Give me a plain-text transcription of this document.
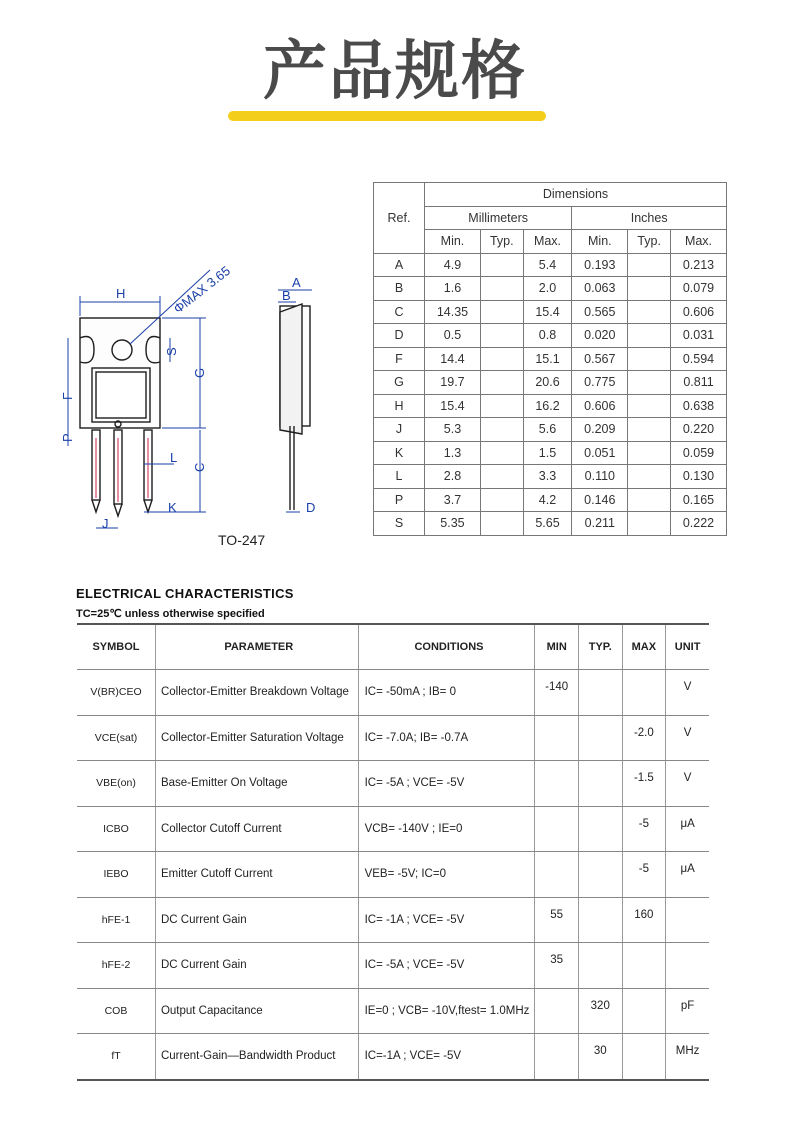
产品规格
H	ΦMAX 3.65	A
B
S
G
F
P
L
C
J
K	D
TO-247
Ref.	Dimensions					
	Millimeters			Inches		
	Min.	Typ.	Max.	Min.	Typ.	Max.
A	4.9		5.4	0.193		0.213
B	1.6		2.0	0.063		0.079
C	14.35		15.4	0.565		0.606
D	0.5		0.8	0.020		0.031
F	14.4		15.1	0.567		0.594
G	19.7		20.6	0.775		0.811
H	15.4		16.2	0.606		0.638
J	5.3		5.6	0.209		0.220
K	1.3		1.5	0.051		0.059
L	2.8		3.3	0.110		0.130
P	3.7		4.2	0.146		0.165
S	5.35		5.65	0.211		0.222
ELECTRICAL CHARACTERISTICS
TC=25℃ unless otherwise specified
SYMBOL	PARAMETER	CONDITIONS	MIN	TYP.	MAX	UNIT
V(BR)CEO	Collector-Emitter Breakdown Voltage	IC= -50mA ; IB= 0	-140			V

VCE(sat)	Collector-Emitter Saturation Voltage	IC= -7.0A; IB= -0.7A			-2.0	V

VBE(on)	Base-Emitter On Voltage	IC= -5A ; VCE= -5V			-1.5	V

ICBO	Collector Cutoff Current	VCB= -140V ; IE=0			-5	μA

IEBO	Emitter Cutoff Current	VEB= -5V; IC=0			-5	μA

hFE-1	DC Current Gain	IC= -1A ; VCE= -5V	55		160	

hFE-2	DC Current Gain	IC= -5A ; VCE= -5V	35			

COB	Output Capacitance	IE=0 ; VCB= -10V,ftest= 1.0MHz		320		pF

fT	Current-Gain—Bandwidth Product	IC=-1A ; VCE= -5V		30		MHz
